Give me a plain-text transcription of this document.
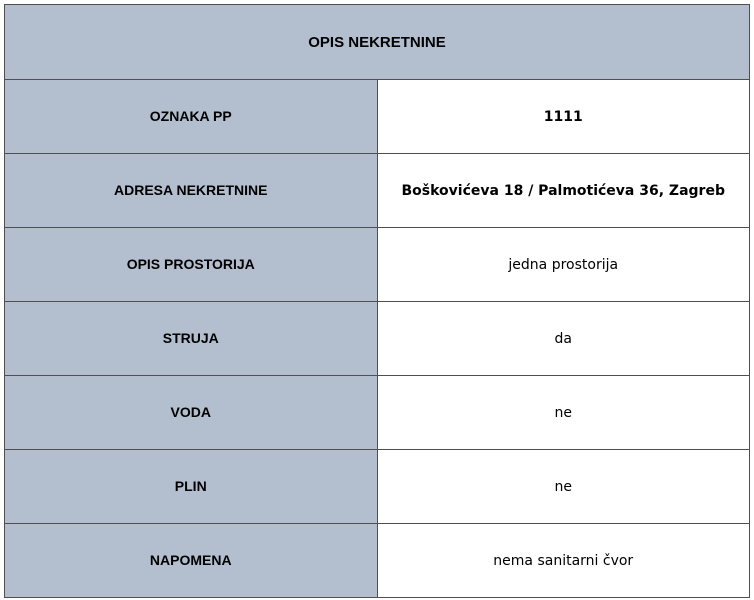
OPIS NEKRETNINE	
OZNAKA PP	1111
ADRESA NEKRETNINE	Boškovićeva 18 / Palmotićeva 36, Zagreb
OPIS PROSTORIJA	jedna prostorija
STRUJA	da
VODA	ne
PLIN	ne
NAPOMENA	nema sanitarni čvor
